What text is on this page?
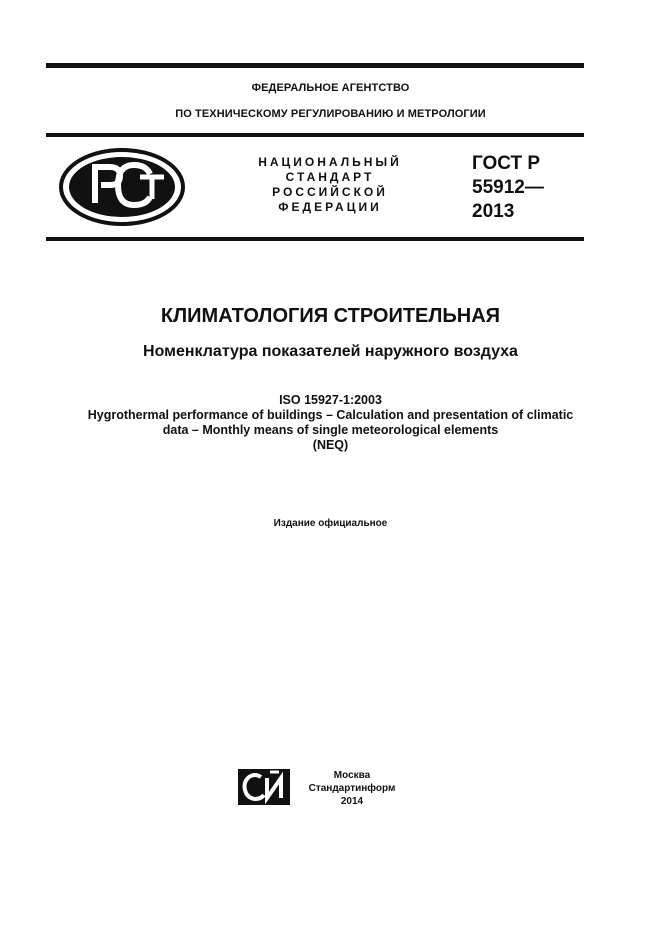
ФЕДЕРАЛЬНОЕ АГЕНТСТВО
ПО ТЕХНИЧЕСКОМУ РЕГУЛИРОВАНИЮ И МЕТРОЛОГИИ
НАЦИОНАЛЬНЫЙ
СТАНДАРТ
РОССИЙСКОЙ
ФЕДЕРАЦИИ
ГОСТ Р
55912—
2013
КЛИМАТОЛОГИЯ СТРОИТЕЛЬНАЯ
Номенклатура показателей наружного воздуха
ISO 15927-1:2003
Hygrothermal performance of buildings – Calculation and presentation of climatic
data – Monthly means of single meteorological elements
(NEQ)
Издание официальное
Москва
Стандартинформ
2014
